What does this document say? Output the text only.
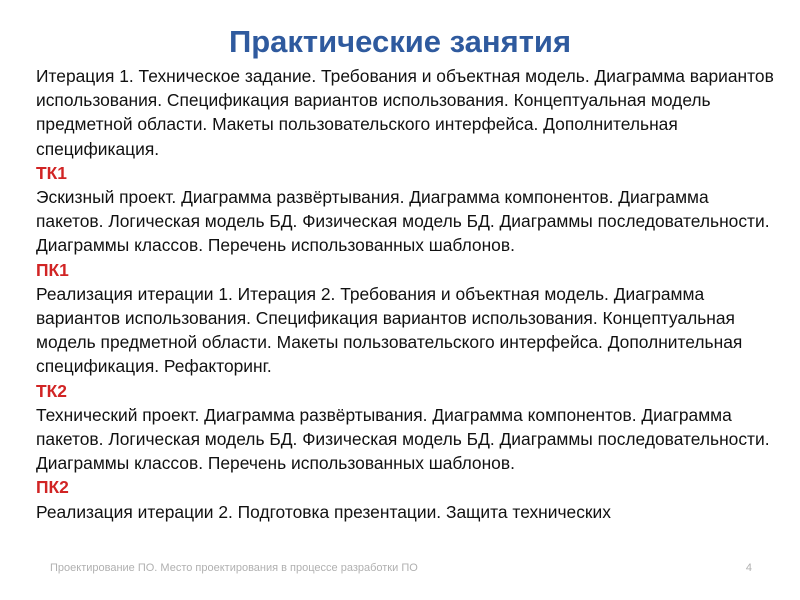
Практические занятия

Итерация 1. Техническое задание. Требования и объектная модель. Диаграмма вариантов использования. Спецификация вариантов использования. Концептуальная модель предметной области. Макеты пользовательского интерфейса. Дополнительная спецификация.

ТК1

Эскизный проект. Диаграмма развёртывания. Диаграмма компонентов. Диаграмма пакетов. Логическая модель БД. Физическая модель БД. Диаграммы последовательности. Диаграммы классов. Перечень использованных шаблонов.

ПК1

Реализация итерации 1. Итерация 2. Требования и объектная модель. Диаграмма вариантов использования. Спецификация вариантов использования. Концептуальная модель предметной области. Макеты пользовательского интерфейса. Дополнительная спецификация. Рефакторинг.

ТК2

Технический проект. Диаграмма развёртывания. Диаграмма компонентов. Диаграмма пакетов. Логическая модель БД. Физическая модель БД. Диаграммы последовательности. Диаграммы классов. Перечень использованных шаблонов.

ПК2

Реализация итерации 2. Подготовка презентации. Защита технических

Проектирование ПО. Место проектирования в процессе разработки ПО	4
